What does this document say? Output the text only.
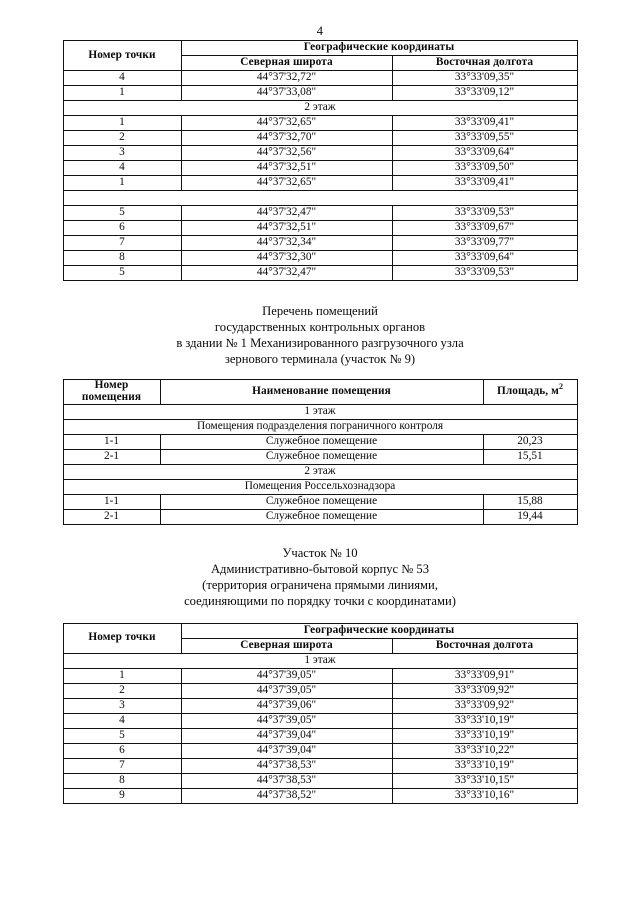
4
Номер точки	Географические координаты	
	Северная широта	Восточная долгота
4	44°37'32,72"	33°33'09,35"
1	44°37'33,08"	33°33'09,12"
2 этаж		
1	44°37'32,65"	33°33'09,41"
2	44°37'32,70"	33°33'09,55"
3	44°37'32,56"	33°33'09,64"
4	44°37'32,51"	33°33'09,50"
1	44°37'32,65"	33°33'09,41"

5	44°37'32,47"	33°33'09,53"
6	44°37'32,51"	33°33'09,67"
7	44°37'32,34"	33°33'09,77"
8	44°37'32,30"	33°33'09,64"
5	44°37'32,47"	33°33'09,53"
Перечень помещений
государственных контрольных органов
в здании № 1 Механизированного разгрузочного узла
зернового терминала (участок № 9)
Номер
помещения	Наименование помещения	Площадь, $м^2$
1 этаж		
Помещения подразделения пограничного контроля		
1-1	Служебное помещение	20,23
2-1	Служебное помещение	15,51
2 этаж		
Помещения Россельхознадзора		
1-1	Служебное помещение	15,88
2-1	Служебное помещение	19,44
Участок № 10
Административно-бытовой корпус № 53
(территория ограничена прямыми линиями,
соединяющими по порядку точки с координатами)
Номер точки	Географические координаты	
	Северная широта	Восточная долгота
1 этаж		
1	44°37'39,05"	33°33'09,91"
2	44°37'39,05"	33°33'09,92"
3	44°37'39,06"	33°33'09,92"
4	44°37'39,05"	33°33'10,19"
5	44°37'39,04"	33°33'10,19"
6	44°37'39,04"	33°33'10,22"
7	44°37'38,53"	33°33'10,19"
8	44°37'38,53"	33°33'10,15"
9	44°37'38,52"	33°33'10,16"
